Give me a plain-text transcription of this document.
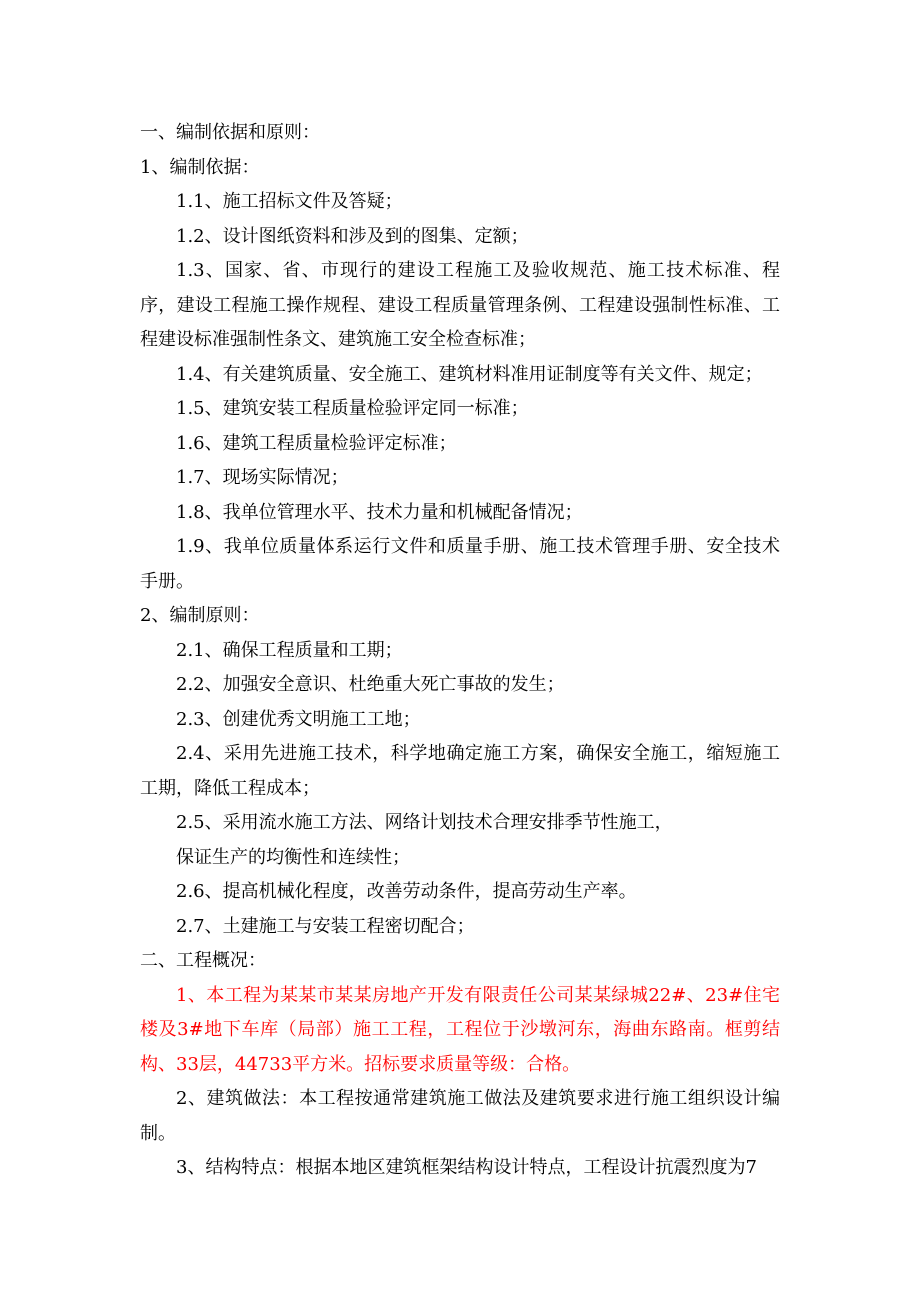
一、编制依据和原则：

1、编制依据：

1.1、施工招标文件及答疑；

1.2、设计图纸资料和涉及到的图集、定额；

1.3、国家、省、市现行的建设工程施工及验收规范、施工技术标准、程序，建设工程施工操作规程、建设工程质量管理条例、工程建设强制性标准、工程建设标准强制性条文、建筑施工安全检查标准；

1.4、有关建筑质量、安全施工、建筑材料准用证制度等有关文件、规定；

1.5、建筑安装工程质量检验评定同一标准；

1.6、建筑工程质量检验评定标准；

1.7、现场实际情况；

1.8、我单位管理水平、技术力量和机械配备情况；

1.9、我单位质量体系运行文件和质量手册、施工技术管理手册、安全技术手册。

2、编制原则：

2.1、确保工程质量和工期；

2.2、加强安全意识、杜绝重大死亡事故的发生；

2.3、创建优秀文明施工工地；

2.4、采用先进施工技术，科学地确定施工方案，确保安全施工，缩短施工工期，降低工程成本；

2.5、采用流水施工方法、网络计划技术合理安排季节性施工，

保证生产的均衡性和连续性；

2.6、提高机械化程度，改善劳动条件，提高劳动生产率。

2.7、土建施工与安装工程密切配合；

二、工程概况：

1、本工程为某某市某某房地产开发有限责任公司某某绿城22#、23#住宅楼及3#地下车库（局部）施工工程，工程位于沙墩河东，海曲东路南。框剪结构、33层，44733平方米。招标要求质量等级：合格。

2、建筑做法：本工程按通常建筑施工做法及建筑要求进行施工组织设计编制。

3、结构特点：根据本地区建筑框架结构设计特点，工程设计抗震烈度为7
